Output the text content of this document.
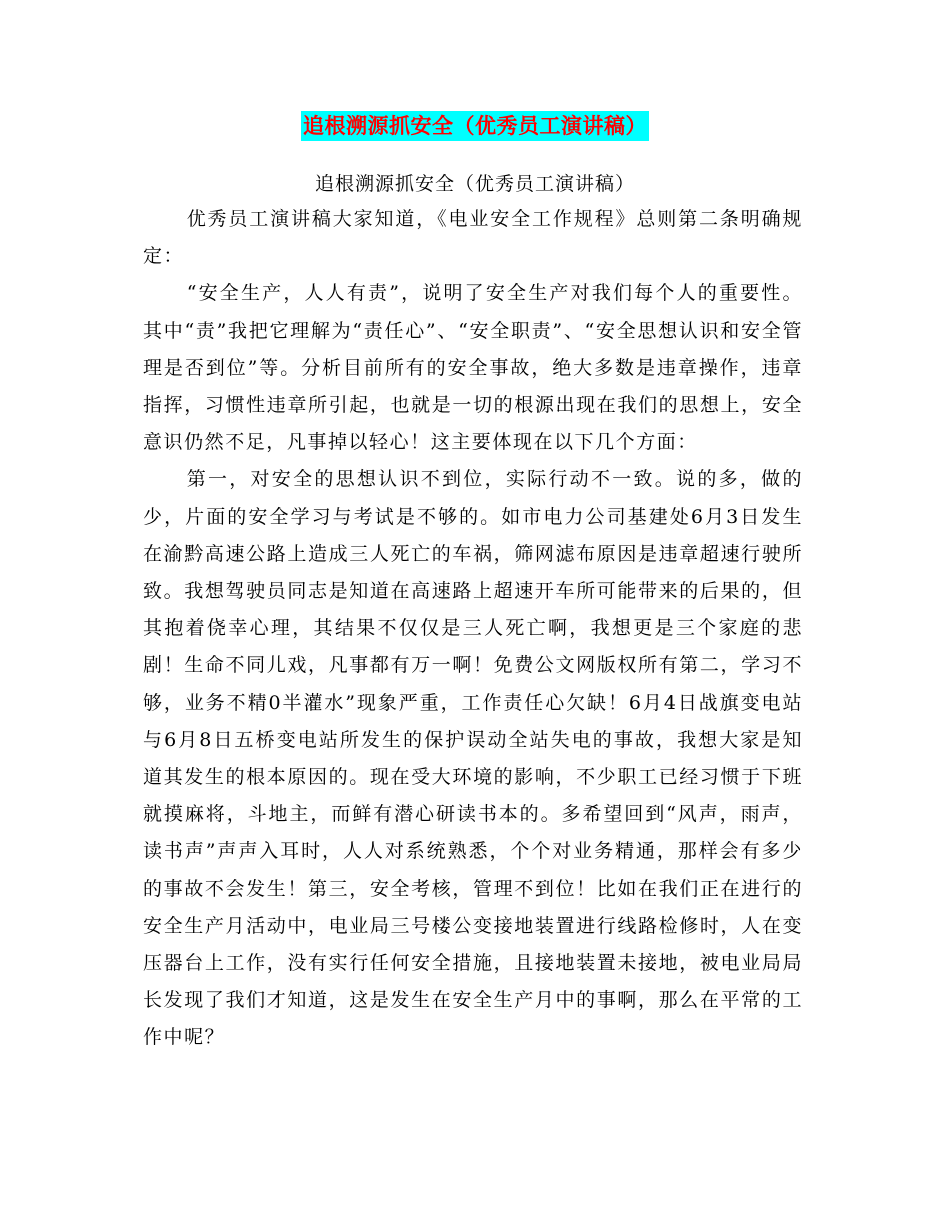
追根溯源抓安全（优秀员工演讲稿）
追根溯源抓安全（优秀员工演讲稿）

优秀员工演讲稿大家知道，《电业安全工作规程》总则第二条明确规定：

“安全生产，人人有责”，说明了安全生产对我们每个人的重要性。其中“责”我把它理解为“责任心”、“安全职责”、“安全思想认识和安全管理是否到位”等。分析目前所有的安全事故，绝大多数是违章操作，违章指挥，习惯性违章所引起，也就是一切的根源出现在我们的思想上，安全意识仍然不足，凡事掉以轻心！这主要体现在以下几个方面：

第一，对安全的思想认识不到位，实际行动不一致。说的多，做的少，片面的安全学习与考试是不够的。如市电力公司基建处6月3日发生在渝黔高速公路上造成三人死亡的车祸，筛网滤布原因是违章超速行驶所致。我想驾驶员同志是知道在高速路上超速开车所可能带来的后果的，但其抱着侥幸心理，其结果不仅仅是三人死亡啊，我想更是三个家庭的悲剧！生命不同儿戏，凡事都有万一啊！免费公文网版权所有第二，学习不够，业务不精0半灌水”现象严重，工作责任心欠缺！6月4日战旗变电站与6月8日五桥变电站所发生的保护误动全站失电的事故，我想大家是知道其发生的根本原因的。现在受大环境的影响，不少职工已经习惯于下班就摸麻将，斗地主，而鲜有潜心研读书本的。多希望回到“风声，雨声，读书声”声声入耳时，人人对系统熟悉，个个对业务精通，那样会有多少的事故不会发生！第三，安全考核，管理不到位！比如在我们正在进行的安全生产月活动中，电业局三号楼公变接地装置进行线路检修时，人在变压器台上工作，没有实行任何安全措施，且接地装置未接地，被电业局局长发现了我们才知道，这是发生在安全生产月中的事啊，那么在平常的工作中呢？
